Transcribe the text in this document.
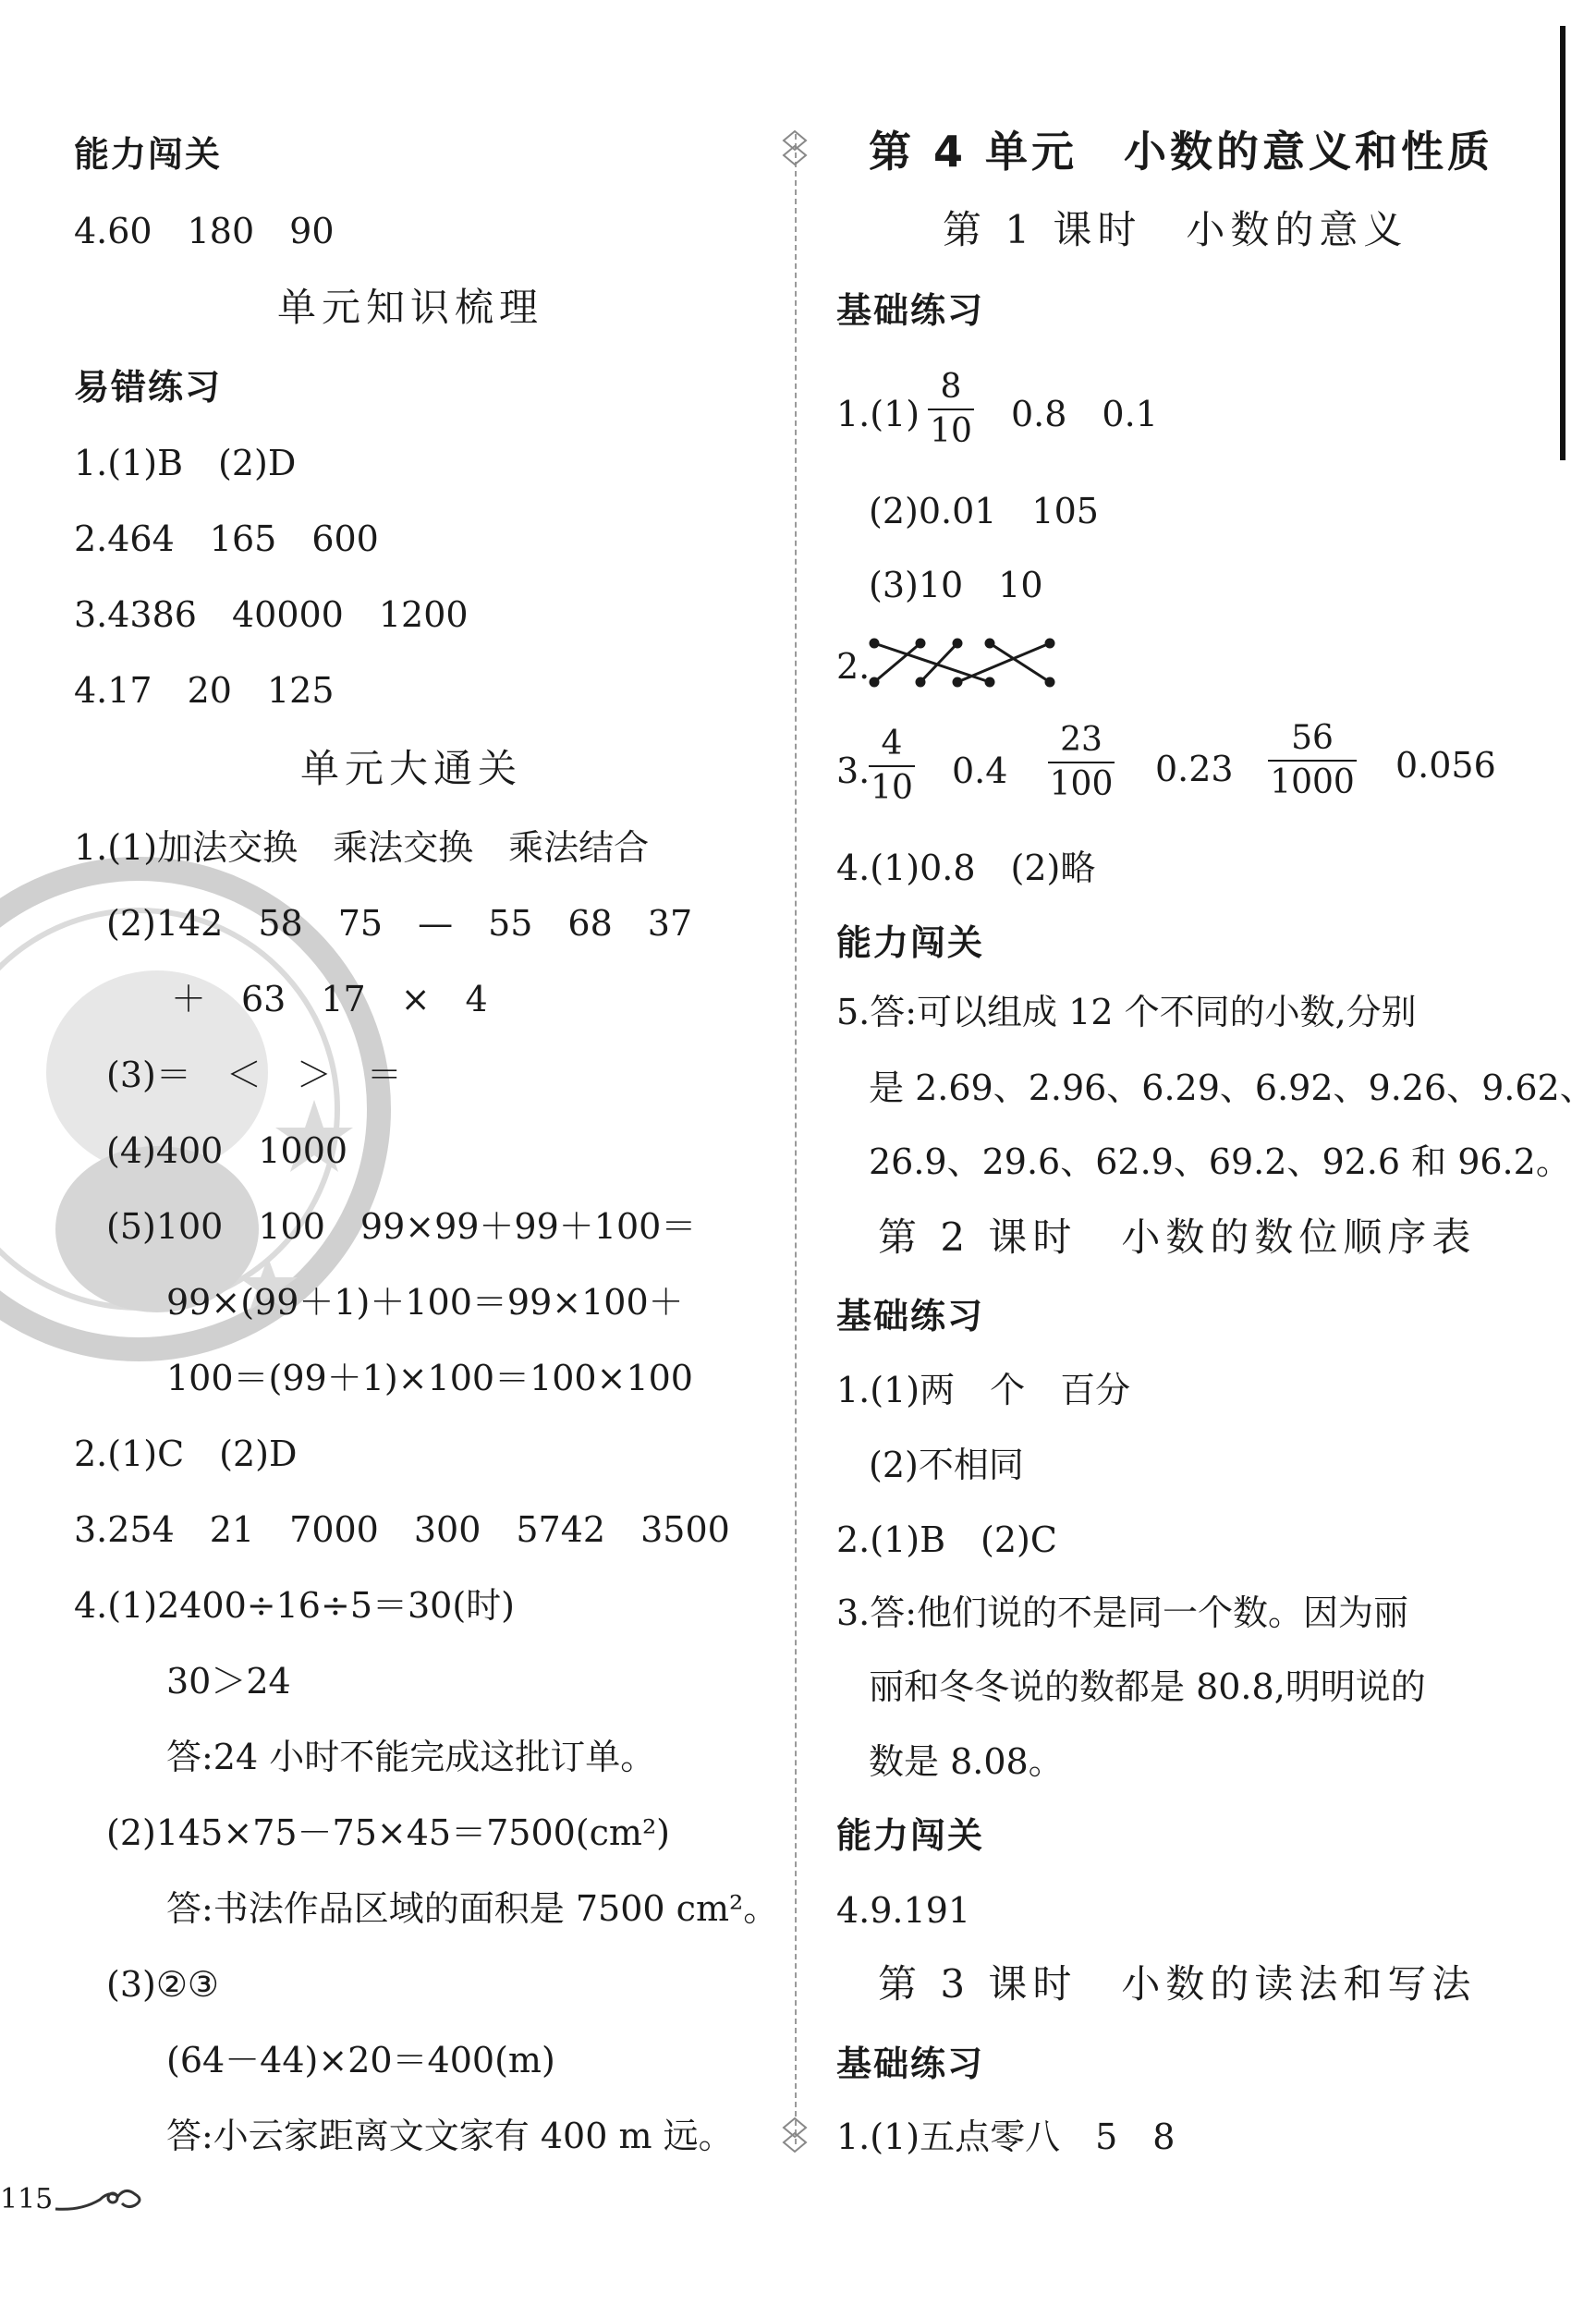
能力闯关
4.60　180　90
单元知识梳理
易错练习
1.(1)B　(2)D
2.464　165　600
3.4386　40000　1200
4.17　20　125
单元大通关
1.(1)加法交换　乘法交换　乘法结合
(2)142　58　75　—　55　68　37
＋　63　17　×　4
(3)＝　＜　＞　＝
(4)400　1000
(5)100　100　99×99＋99＋100＝
99×(99＋1)＋100＝99×100＋
100＝(99＋1)×100＝100×100
2.(1)C　(2)D
3.254　21　7000　300　5742　3500
4.(1)2400÷16÷5＝30(时)
30＞24
答:24 小时不能完成这批订单。
(2)145×75－75×45＝7500(cm²)
答:书法作品区域的面积是 7500 cm²。
(3)②③
(64－44)×20＝400(m)
答:小云家距离文文家有 400 m 远。
115
第 4 单元　小数的意义和性质
第 1 课时　小数的意义
基础练习
1.(1)
8
10 0.8　0.1
(2)0.01　105
(3)10　10
2.
3.
4
10 0.4
23
100 0.23
56
1000 0.056
4.(1)0.8　(2)略
能力闯关
5.答:可以组成 12 个不同的小数,分别
是 2.69、2.96、6.29、6.92、9.26、9.62、
26.9、29.6、62.9、69.2、92.6 和 96.2。
第 2 课时　小数的数位顺序表
基础练习
1.(1)两　个　百分
(2)不相同
2.(1)B　(2)C
3.答:他们说的不是同一个数。因为丽
丽和冬冬说的数都是 80.8,明明说的
数是 8.08。
能力闯关
4.9.191
第 3 课时　小数的读法和写法
基础练习
1.(1)五点零八　5　8
